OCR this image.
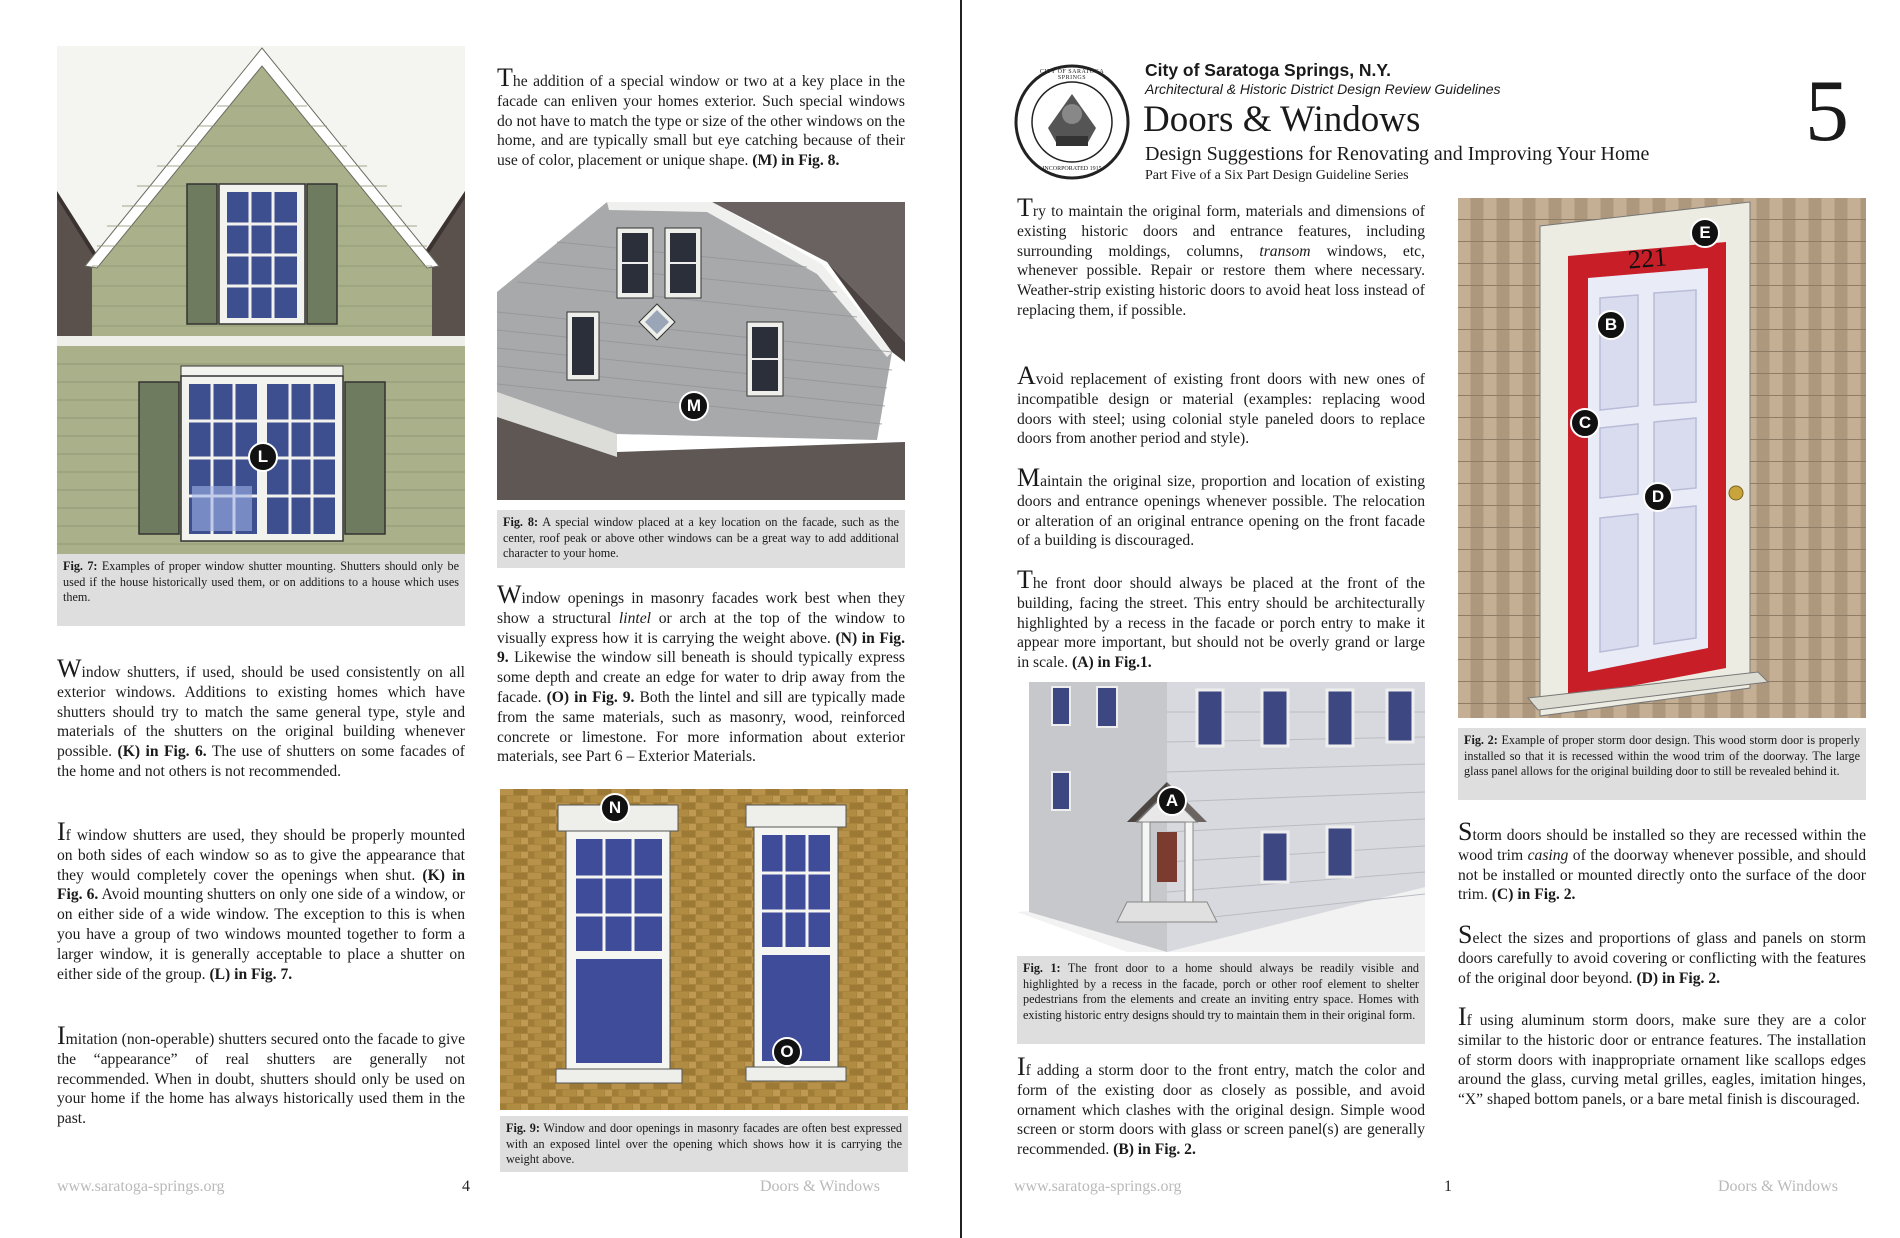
L
Fig. 7: Examples of proper window shutter mounting. Shutters should only be used if the house historically used them, or on additions to a house which uses them.
Window shutters, if used, should be used consistently on all exterior windows. Additions to existing homes which have shutters should try to match the same general type, style and materials of the shutters on the original building whenever possible. (K) in Fig. 6. The use of shutters on some facades of the home and not others is not recommended.
If window shutters are used, they should be properly mounted on both sides of each window so as to give the appearance that they would completely cover the openings when shut. (K) in Fig. 6. Avoid mounting shutters on only one side of a window, or on either side of a wide window. The exception to this is when you have a group of two windows mounted together to form a larger window, it is generally acceptable to place a shutter on either side of the group. (L) in Fig. 7.
Imitation (non-operable) shutters secured onto the facade to give the “appearance” of real shutters are generally not recommended. When in doubt, shutters should only be used on your home if the home has always historically used them in the past.
The addition of a special window or two at a key place in the facade can enliven your homes exterior. Such special windows do not have to match the type or size of the other windows on the home, and are typically small but eye catching because of their use of color, placement or unique shape. (M) in Fig. 8.
M
Fig. 8: A special window placed at a key location on the facade, such as the center, roof peak or above other windows can be a great way to add additional character to your home.
Window openings in masonry facades work best when they show a structural lintel or arch at the top of the window to visually express how it is carrying the weight above. (N) in Fig. 9. Likewise the window sill beneath is should typically express some depth and create an edge for water to drip away from the facade. (O) in Fig. 9. Both the lintel and sill are typically made from the same materials, such as masonry, wood, reinforced concrete or limestone. For more information about exterior materials, see Part 6 – Exterior Materials.
N
O
Fig. 9: Window and door openings in masonry facades are often best expressed with an exposed lintel over the opening which shows how it is carrying the weight above.
www.saratoga-springs.org	4	Doors & Windows
CITY OF SARATOGA SPRINGS
INCORPORATED 1915
City of Saratoga Springs, N.Y.
Architectural & Historic District Design Review Guidelines
Doors & Windows
Design Suggestions for Renovating and Improving Your Home
Part Five of a Six Part Design Guideline Series
5
Try to maintain the original form, materials and dimensions of existing historic doors and entrance features, including surrounding moldings, columns, transom windows, etc, whenever possible. Repair or restore them where necessary. Weather-strip existing historic doors to avoid heat loss instead of replacing them, if possible.
Avoid replacement of existing front doors with new ones of incompatible design or material (examples: replacing wood doors with steel; using colonial style paneled doors to replace doors from another period and style).
Maintain the original size, proportion and location of existing doors and entrance openings whenever possible. The relocation or alteration of an original entrance opening on the front facade of a building is discouraged.
The front door should always be placed at the front of the building, facing the street. This entry should be architecturally highlighted by a recess in the facade or porch entry to make it appear more important, but should not be overly grand or large in scale. (A) in Fig.1.
A
Fig. 1: The front door to a home should always be readily visible and highlighted by a recess in the facade, porch or other roof element to shelter pedestrians from the elements and create an inviting entry space. Homes with existing historic entry designs should try to maintain them in their original form.
If adding a storm door to the front entry, match the color and form of the existing door as closely as possible, and avoid ornament which clashes with the original design. Simple wood screen or storm doors with glass or screen panel(s) are generally recommended. (B) in Fig. 2.
221
E
B
C
D
Fig. 2: Example of proper storm door design. This wood storm door is properly installed so that it is recessed within the wood trim of the doorway. The large glass panel allows for the original building door to still be revealed behind it.
Storm doors should be installed so they are recessed within the wood trim casing of the doorway whenever possible, and should not be installed or mounted directly onto the surface of the door trim. (C) in Fig. 2.
Select the sizes and proportions of glass and panels on storm doors carefully to avoid covering or conflicting with the features of the original door beyond. (D) in Fig. 2.
If using aluminum storm doors, make sure they are a color similar to the historic door or entrance features. The installation of storm doors with inappropriate ornament like scallops edges around the glass, curving metal grilles, eagles, imitation hinges, “X” shaped bottom panels, or a bare metal finish is discouraged.
www.saratoga-springs.org	1	Doors & Windows
